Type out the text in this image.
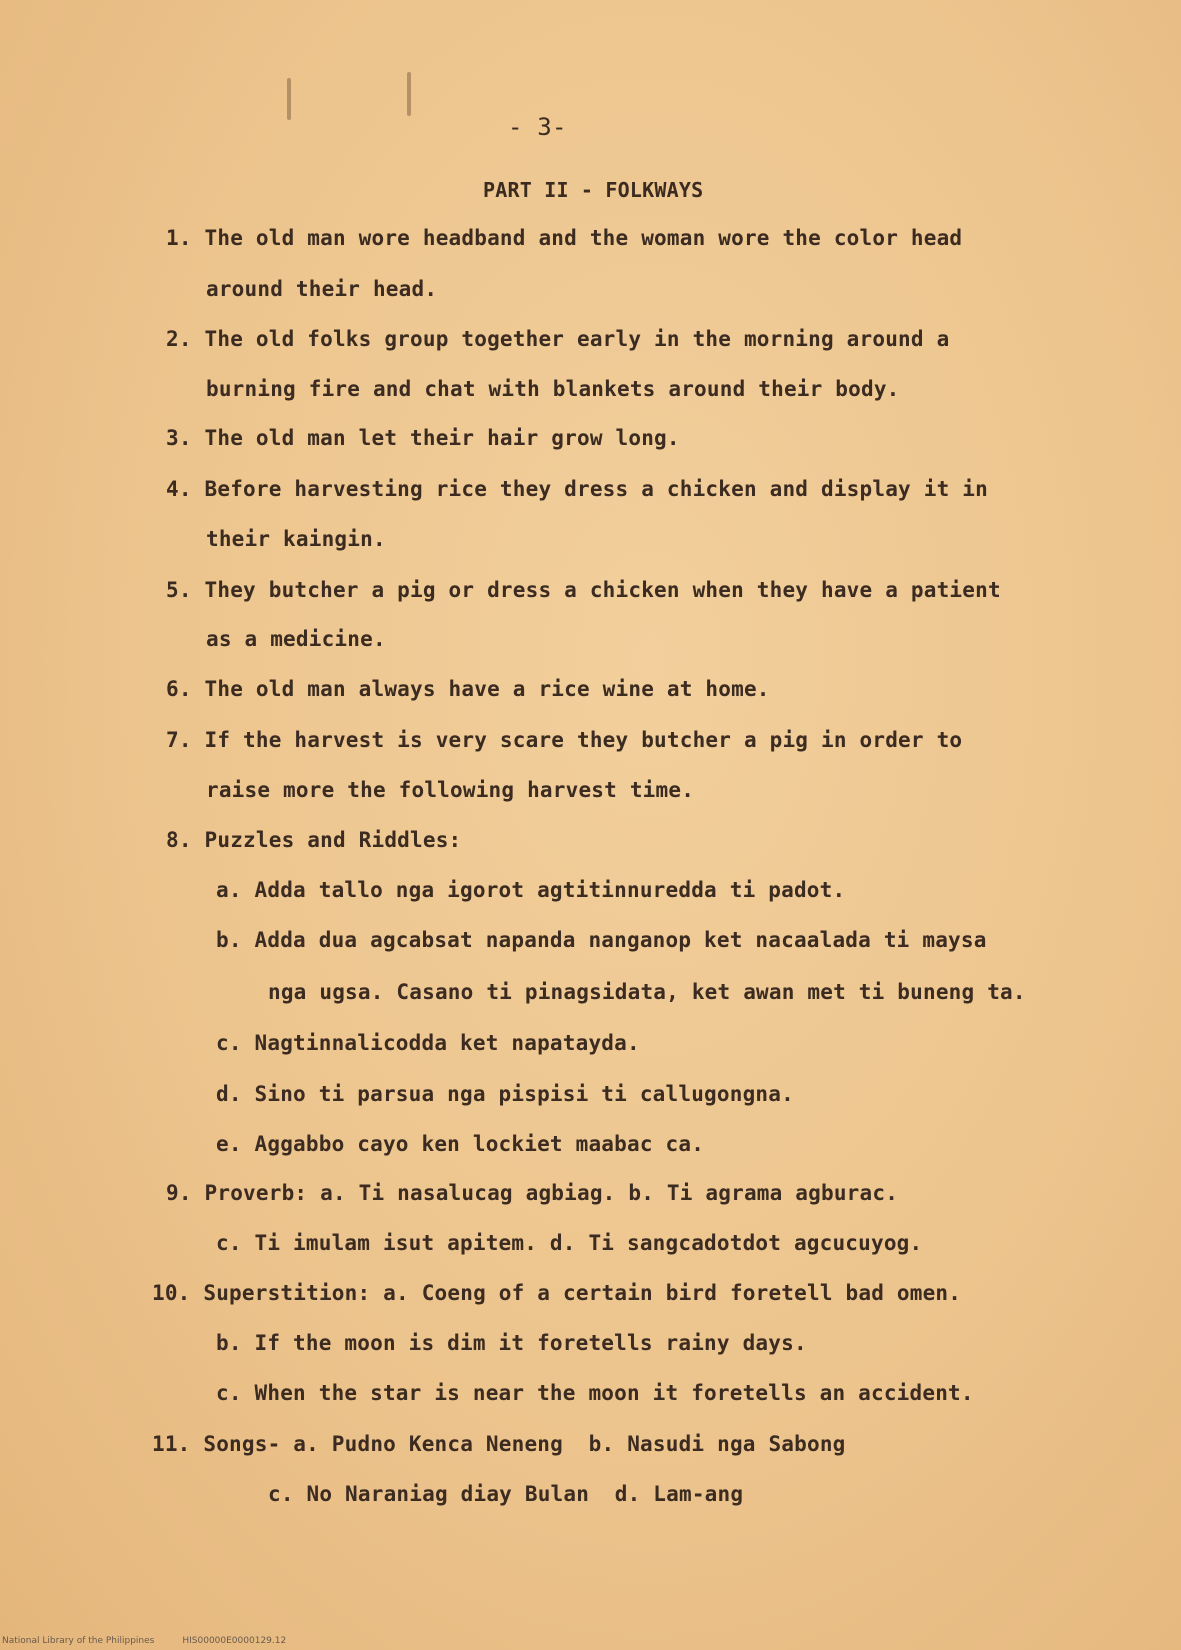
- 3-

PART II - FOLKWAYS

1. The old man wore headband and the woman wore the color head

around their head.

2. The old folks group together early in the morning around a

burning fire and chat with blankets around their body.

3. The old man let their hair grow long.

4. Before harvesting rice they dress a chicken and display it in

their kaingin.

5. They butcher a pig or dress a chicken when they have a patient

as a medicine.

6. The old man always have a rice wine at home.

7. If the harvest is very scare they butcher a pig in order to

raise more the following harvest time.

8. Puzzles and Riddles:

a. Adda tallo nga igorot agtitinnuredda ti padot.

b. Adda dua agcabsat napanda nanganop ket nacaalada ti maysa

nga ugsa. Casano ti pinagsidata, ket awan met ti buneng ta.

c. Nagtinnalicodda ket napatayda.

d. Sino ti parsua nga pispisi ti callugongna.

e. Aggabbo cayo ken lockiet maabac ca.

9. Proverb: a. Ti nasalucag agbiag. b. Ti agrama agburac.

c. Ti imulam isut apitem. d. Ti sangcadotdot agcucuyog.

10. Superstition: a. Coeng of a certain bird foretell bad omen.

b. If the moon is dim it foretells rainy days.

c. When the star is near the moon it foretells an accident.

11. Songs- a. Pudno Kenca Neneng  b. Nasudi nga Sabong

c. No Naraniag diay Bulan  d. Lam-ang

National Library of the Philippines	HIS00000E0000129.12
